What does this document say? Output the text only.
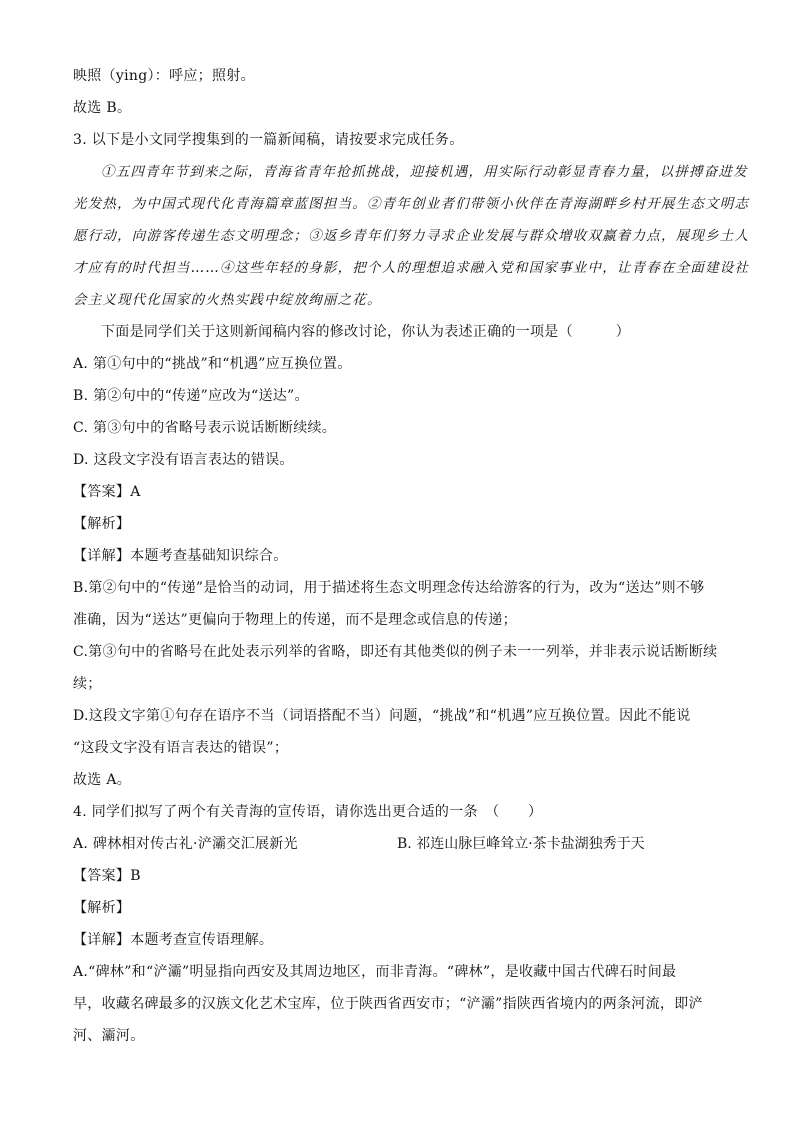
映照（ying）：呼应；照射。
故选 B。
3. 以下是小文同学搜集到的一篇新闻稿，请按要求完成任务。
①五四青年节到来之际，青海省青年抢抓挑战，迎接机遇，用实际行动彰显青春力量，以拼搏奋进发
光发热，为中国式现代化青海篇章蓝图担当。②青年创业者们带领小伙伴在青海湖畔乡村开展生态文明志
愿行动，向游客传递生态文明理念；③返乡青年们努力寻求企业发展与群众增收双赢着力点，展现乡土人
才应有的时代担当……④这些年轻的身影，把个人的理想追求融入党和国家事业中，让青春在全面建设社
会主义现代化国家的火热实践中绽放绚丽之花。
下面是同学们关于这则新闻稿内容的修改讨论，你认为表述正确的一项是（　　　）
A. 第①句中的“挑战”和“机遇”应互换位置。
B. 第②句中的“传递”应改为“送达”。
C. 第③句中的省略号表示说话断断续续。
D. 这段文字没有语言表达的错误。
【答案】A
【解析】
【详解】本题考查基础知识综合。
B.第②句中的“传递”是恰当的动词，用于描述将生态文明理念传达给游客的行为，改为“送达”则不够
准确，因为“送达”更偏向于物理上的传递，而不是理念或信息的传递；
C.第③句中的省略号在此处表示列举的省略，即还有其他类似的例子未一一列举，并非表示说话断断续
续；
D.这段文字第①句存在语序不当（词语搭配不当）问题，“挑战”和“机遇”应互换位置。因此不能说
“这段文字没有语言表达的错误”；
故选 A。
4. 同学们拟写了两个有关青海的宣传语，请你选出更合适的一条　（　　）
A. 碑林相对传古礼·浐灞交汇展新光	B. 祁连山脉巨峰耸立·茶卡盐湖独秀于天
【答案】B
【解析】
【详解】本题考查宣传语理解。
A.“碑林”和“浐灞”明显指向西安及其周边地区，而非青海。“碑林”，是收藏中国古代碑石时间最
早，收藏名碑最多的汉族文化艺术宝库，位于陕西省西安市；“浐灞”指陕西省境内的两条河流，即浐
河、灞河。
